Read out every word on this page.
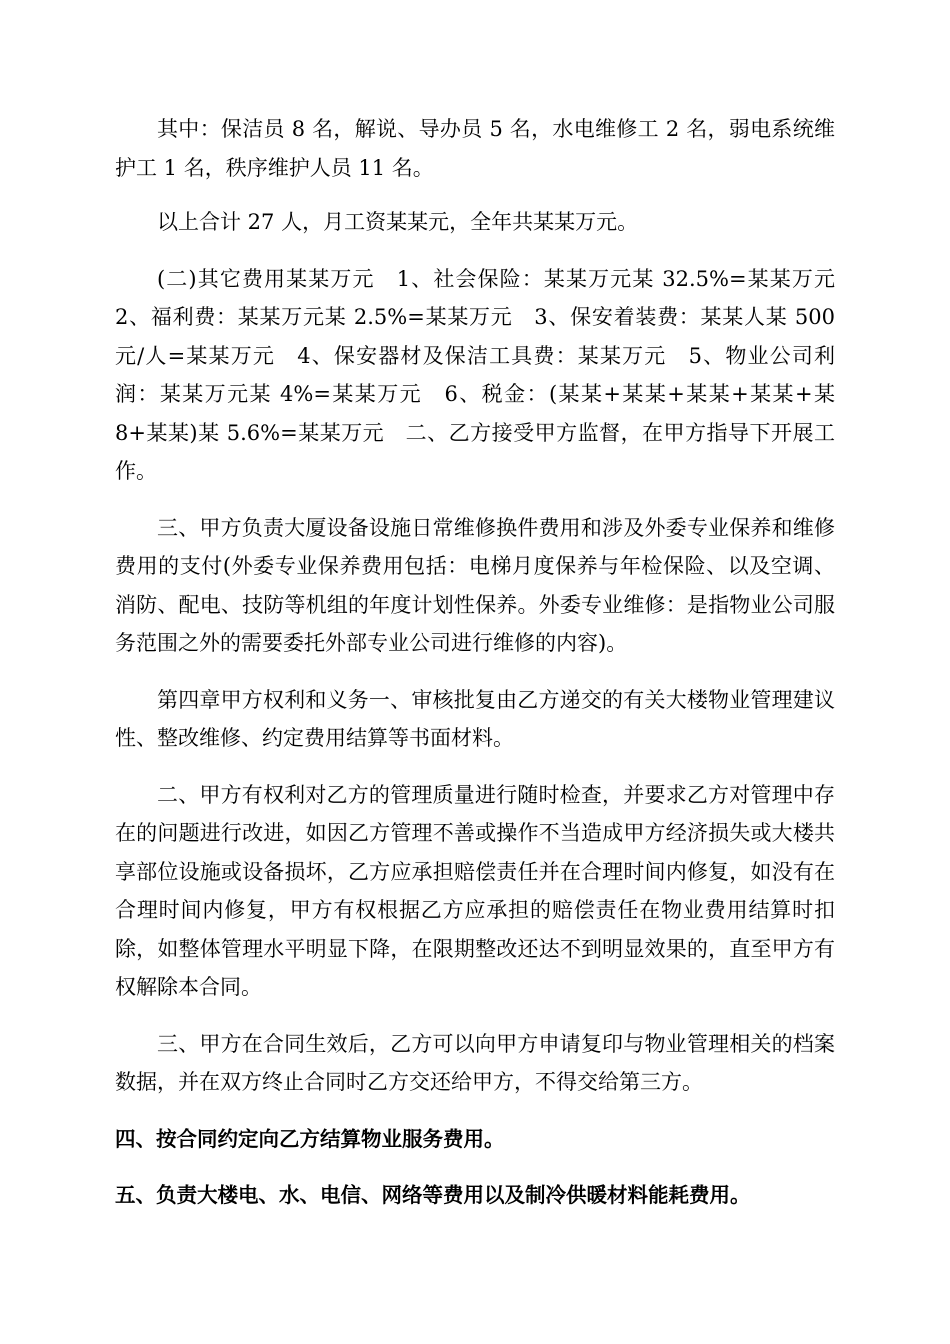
其中：保洁员 8 名，解说、导办员 5 名，水电维修工 2 名，弱电系统维护工 1 名，秩序维护人员 11 名。

以上合计 27 人，月工资某某元，全年共某某万元。

(二)其它费用某某万元　1、社会保险：某某万元某 32.5%=某某万元　2、福利费：某某万元某 2.5%=某某万元　3、保安着装费：某某人某 500 元/人=某某万元　4、保安器材及保洁工具费：某某万元　5、物业公司利润：某某万元某 4%=某某万元　6、税金：(某某+某某+某某+某某+某 8+某某)某 5.6%=某某万元　二、乙方接受甲方监督，在甲方指导下开展工作。

三、甲方负责大厦设备设施日常维修换件费用和涉及外委专业保养和维修费用的支付(外委专业保养费用包括：电梯月度保养与年检保险、以及空调、消防、配电、技防等机组的年度计划性保养。外委专业维修：是指物业公司服务范围之外的需要委托外部专业公司进行维修的内容)。

第四章甲方权利和义务一、审核批复由乙方递交的有关大楼物业管理建议性、整改维修、约定费用结算等书面材料。

二、甲方有权利对乙方的管理质量进行随时检查，并要求乙方对管理中存在的问题进行改进，如因乙方管理不善或操作不当造成甲方经济损失或大楼共享部位设施或设备损坏，乙方应承担赔偿责任并在合理时间内修复，如没有在合理时间内修复，甲方有权根据乙方应承担的赔偿责任在物业费用结算时扣除，如整体管理水平明显下降，在限期整改还达不到明显效果的，直至甲方有权解除本合同。

三、甲方在合同生效后，乙方可以向甲方申请复印与物业管理相关的档案数据，并在双方终止合同时乙方交还给甲方，不得交给第三方。

四、按合同约定向乙方结算物业服务费用。

五、负责大楼电、水、电信、网络等费用以及制冷供暖材料能耗费用。
